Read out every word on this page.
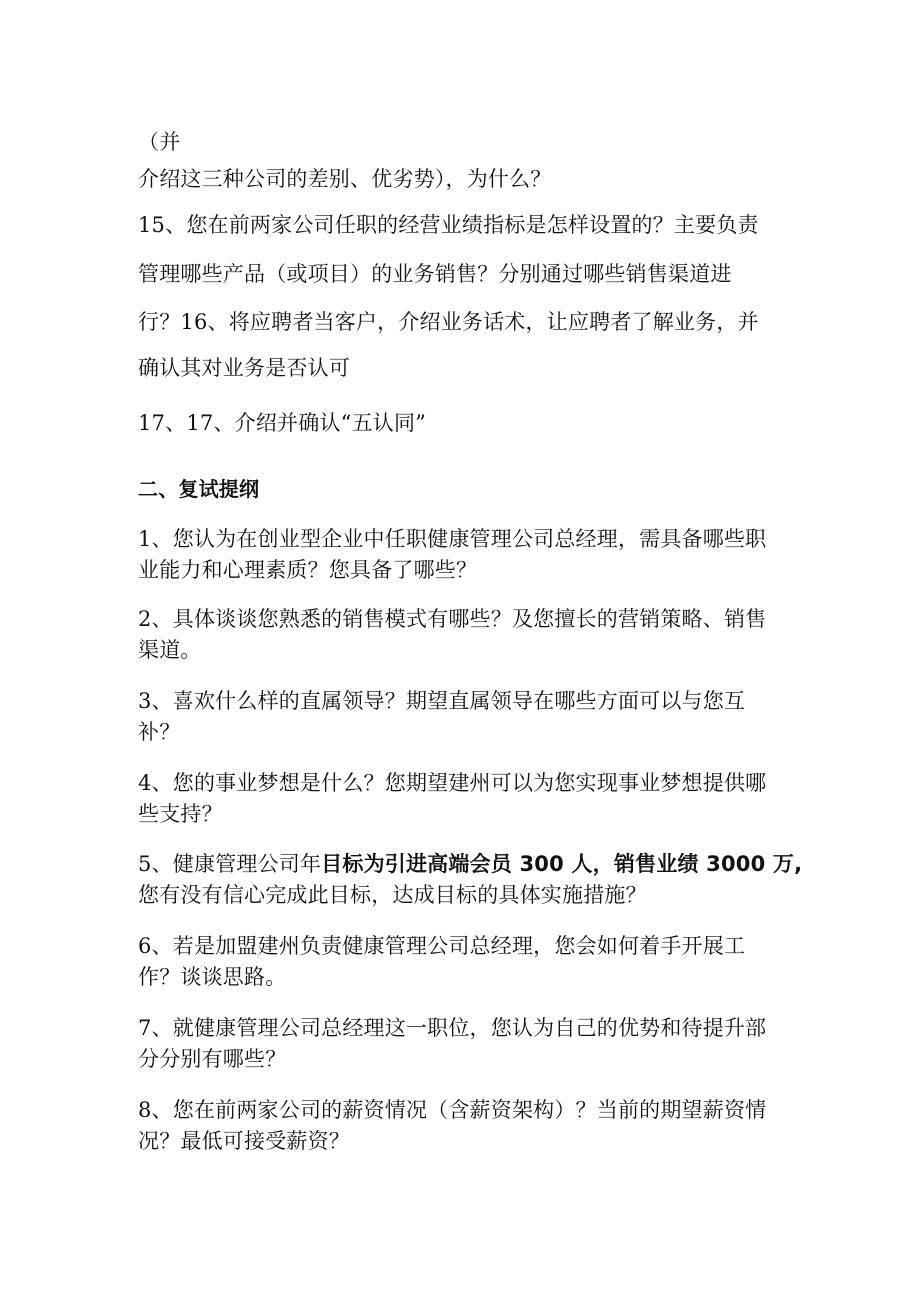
（并

介绍这三种公司的差别、优劣势），为什么？

15、您在前两家公司任职的经营业绩指标是怎样设置的？主要负责

管理哪些产品（或项目）的业务销售？分别通过哪些销售渠道进

行？16、将应聘者当客户，介绍业务话术，让应聘者了解业务，并

确认其对业务是否认可

17、17、介绍并确认“五认同”

二、复试提纲

1、您认为在创业型企业中任职健康管理公司总经理，需具备哪些职

业能力和心理素质？您具备了哪些？

2、具体谈谈您熟悉的销售模式有哪些？及您擅长的营销策略、销售

渠道。

3、喜欢什么样的直属领导？期望直属领导在哪些方面可以与您互

补？

4、您的事业梦想是什么？您期望建州可以为您实现事业梦想提供哪

些支持？

5、健康管理公司年目标为引进高端会员 300 人，销售业绩 3000 万,

您有没有信心完成此目标，达成目标的具体实施措施？

6、若是加盟建州负责健康管理公司总经理，您会如何着手开展工

作？谈谈思路。

7、就健康管理公司总经理这一职位，您认为自己的优势和待提升部

分分别有哪些？

8、您在前两家公司的薪资情况（含薪资架构）？当前的期望薪资情

况？最低可接受薪资？
